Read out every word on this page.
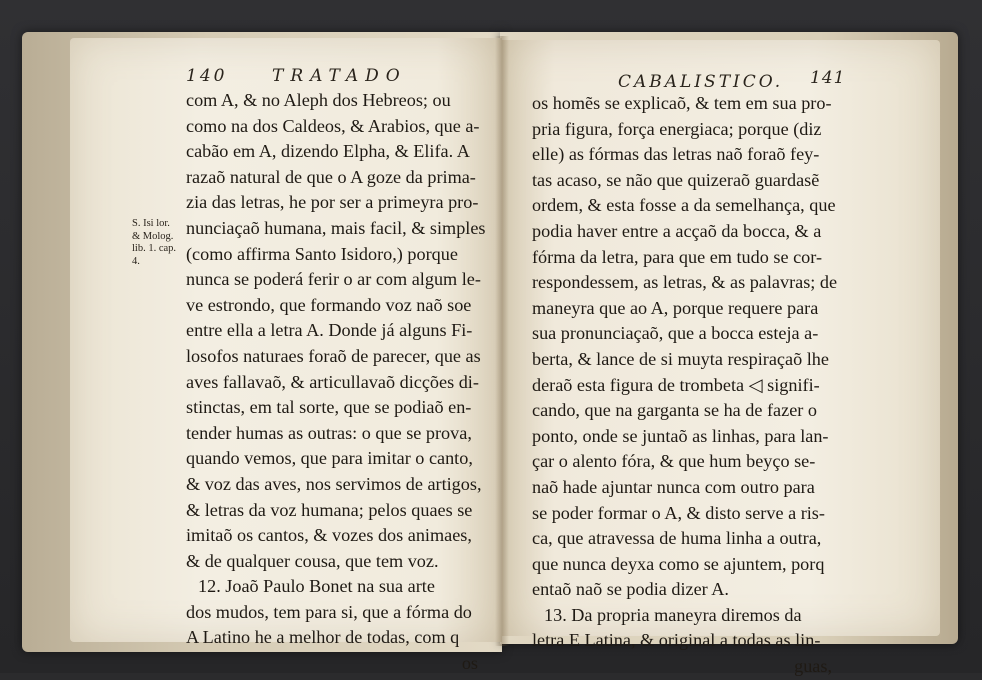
140	TRATADO	CABALISTICO. 141
S. Isi lor.
& Molog.
lib. 1. cap.
4.
com A, & no Aleph dos Hebreos; ou
como na dos Caldeos, & Arabios, que a-
cabão em A, dizendo Elpha, & Elifa. A
razaõ natural de que o A goze da prima-
zia das letras, he por ser a primeyra pro-
nunciaçaõ humana, mais facil, & simples
(como affirma Santo Isidoro,) porque
nunca se poderá ferir o ar com algum le-
ve estrondo, que formando voz naõ soe
entre ella a letra A. Donde já alguns Fi-
losofos naturaes foraõ de parecer, que as
aves fallavaõ, & articullavaõ dicções di-
stinctas, em tal sorte, que se podiaõ en-
tender humas as outras: o que se prova,
quando vemos, que para imitar o canto,
& voz das aves, nos servimos de artigos,
& letras da voz humana; pelos quaes se
imitaõ os cantos, & vozes dos animaes,
& de qualquer cousa, que tem voz.
12. Joaõ Paulo Bonet na sua arte
dos mudos, tem para si, que a fórma do
A Latino he a melhor de todas, com q
os
os homẽs se explicaõ, & tem em sua pro-
pria figura, força energiaca; porque (diz
elle) as fórmas das letras naõ foraõ fey-
tas acaso, se não que quizeraõ guardasẽ
ordem, & esta fosse a da semelhança, que
podia haver entre a acçaõ da bocca, & a
fórma da letra, para que em tudo se cor-
respondessem, as letras, & as palavras; de
maneyra que ao A, porque requere para
sua pronunciaçaõ, que a bocca esteja a-
berta, & lance de si muyta respiraçaõ lhe
deraõ esta figura de trombeta ◁ signifi-
cando, que na garganta se ha de fazer o
ponto, onde se juntaõ as linhas, para lan-
çar o alento fóra, & que hum beyço se-
naõ hade ajuntar nunca com outro para
se poder formar o A, & disto serve a ris-
ca, que atravessa de huma linha a outra,
que nunca deyxa como se ajuntem, porq
entaõ naõ se podia dizer A.
13. Da propria maneyra diremos da
letra E Latina, & original a todas as lin-
guas,
